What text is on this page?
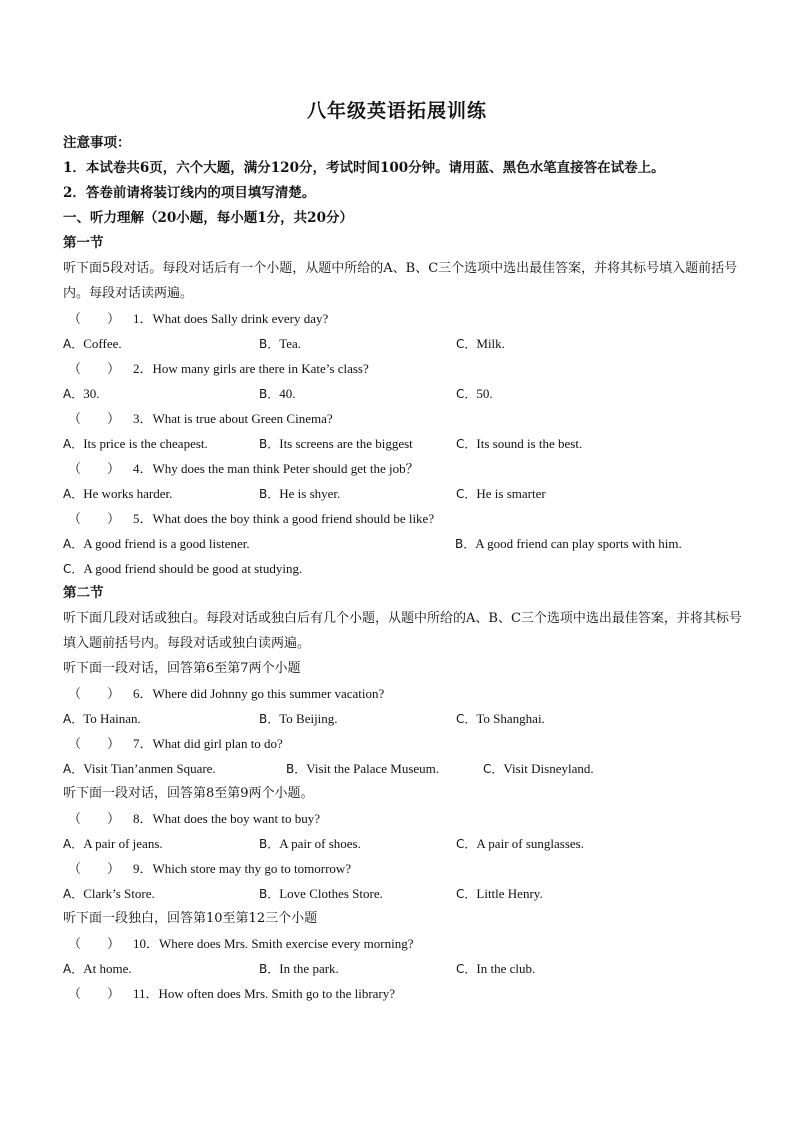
八年级英语拓展训练
注意事项：
1．本试卷共6页，六个大题，满分120分，考试时间100分钟。请用蓝、黑色水笔直接答在试卷上。
2．答卷前请将装订线内的项目填写清楚。
一、听力理解（20小题，每小题1分，共20分）
第一节
听下面5段对话。每段对话后有一个小题，从题中所给的A、B、C三个选项中选出最佳答案，并将其标号填入题前括号内。每段对话读两遍。
（　　） 1．What does Sally drink every day?
A．Coffee.	B．Tea.	C．Milk.
（　　） 2．How many girls are there in Kate’s class?
A．30.	B．40.	C．50.
（　　） 3．What is true about Green Cinema?
A．Its price is the cheapest.	B．Its screens are the biggest	C．Its sound is the best.
（　　） 4．Why does the man think Peter should get the job？
A．He works harder.	B．He is shyer.	C．He is smarter
（　　） 5．What does the boy think a good friend should be like?
A．A good friend is a good listener.	B．A good friend can play sports with him.
C．A good friend should be good at studying.
第二节
听下面几段对话或独白。每段对话或独白后有几个小题，从题中所给的A、B、C三个选项中选出最佳答案，并将其标号填入题前括号内。每段对话或独白读两遍。
听下面一段对话，回答第6至第7两个小题
（　　） 6．Where did Johnny go this summer vacation?
A．To Hainan.	B．To Beijing.	C．To Shanghai.
（　　） 7．What did girl plan to do?
A．Visit Tian’anmen Square.	B．Visit the Palace Museum.	C．Visit Disneyland.
听下面一段对话，回答第8至第9两个小题。
（　　） 8．What does the boy want to buy?
A．A pair of jeans.	B．A pair of shoes.	C．A pair of sunglasses.
（　　） 9．Which store may thy go to tomorrow?
A．Clark’s Store.	B．Love Clothes Store.	C．Little Henry.
听下面一段独白，回答第10至第12三个小题
（　　） 10．Where does Mrs. Smith exercise every morning?
A．At home.	B．In the park.	C．In the club.
（　　） 11．How often does Mrs. Smith go to the library?
